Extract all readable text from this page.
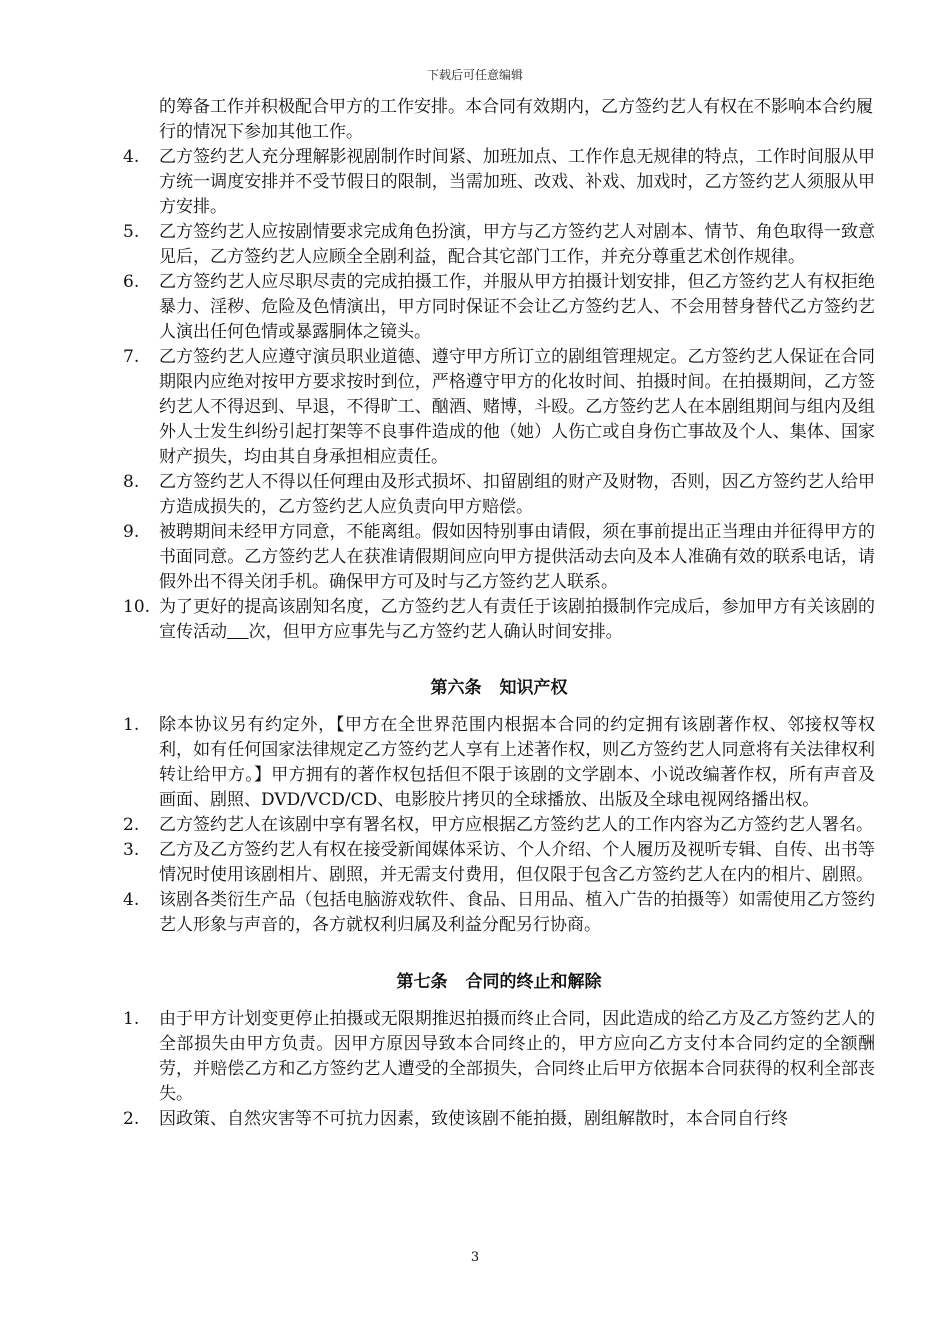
下载后可任意编辑
的筹备工作并积极配合甲方的工作安排。本合同有效期内，乙方签约艺人有权在不影响本合约履行的情况下参加其他工作。
4.	乙方签约艺人充分理解影视剧制作时间紧、加班加点、工作作息无规律的特点，工作时间服从甲方统一调度安排并不受节假日的限制，当需加班、改戏、补戏、加戏时，乙方签约艺人须服从甲方安排。
5.	乙方签约艺人应按剧情要求完成角色扮演，甲方与乙方签约艺人对剧本、情节、角色取得一致意见后，乙方签约艺人应顾全全剧利益，配合其它部门工作，并充分尊重艺术创作规律。
6.	乙方签约艺人应尽职尽责的完成拍摄工作，并服从甲方拍摄计划安排，但乙方签约艺人有权拒绝暴力、淫秽、危险及色情演出，甲方同时保证不会让乙方签约艺人、不会用替身替代乙方签约艺人演出任何色情或暴露胴体之镜头。
7.	乙方签约艺人应遵守演员职业道德、遵守甲方所订立的剧组管理规定。乙方签约艺人保证在合同期限内应绝对按甲方要求按时到位，严格遵守甲方的化妆时间、拍摄时间。在拍摄期间，乙方签约艺人不得迟到、早退，不得旷工、酗酒、赌博，斗殴。乙方签约艺人在本剧组期间与组内及组外人士发生纠纷引起打架等不良事件造成的他（她）人伤亡或自身伤亡事故及个人、集体、国家财产损失，均由其自身承担相应责任。
8.	乙方签约艺人不得以任何理由及形式损坏、扣留剧组的财产及财物，否则，因乙方签约艺人给甲方造成损失的，乙方签约艺人应负责向甲方赔偿。
9.	被聘期间未经甲方同意，不能离组。假如因特别事由请假，须在事前提出正当理由并征得甲方的书面同意。乙方签约艺人在获准请假期间应向甲方提供活动去向及本人准确有效的联系电话，请假外出不得关闭手机。确保甲方可及时与乙方签约艺人联系。
10. 为了更好的提高该剧知名度，乙方签约艺人有责任于该剧拍摄制作完成后，参加甲方有关该剧的宣传活动 次，但甲方应事先与乙方签约艺人确认时间安排。
第六条 知识产权
1.	除本协议另有约定外，【甲方在全世界范围内根据本合同的约定拥有该剧著作权、邻接权等权利，如有任何国家法律规定乙方签约艺人享有上述著作权，则乙方签约艺人同意将有关法律权利转让给甲方。】甲方拥有的著作权包括但不限于该剧的文学剧本、小说改编著作权，所有声音及画面、剧照、DVD/VCD/CD、电影胶片拷贝的全球播放、出版及全球电视网络播出权。
2.	乙方签约艺人在该剧中享有署名权，甲方应根据乙方签约艺人的工作内容为乙方签约艺人署名。
3.	乙方及乙方签约艺人有权在接受新闻媒体采访、个人介绍、个人履历及视听专辑、自传、出书等情况时使用该剧相片、剧照，并无需支付费用，但仅限于包含乙方签约艺人在内的相片、剧照。
4.	该剧各类衍生产品（包括电脑游戏软件、食品、日用品、植入广告的拍摄等）如需使用乙方签约艺人形象与声音的，各方就权利归属及利益分配另行协商。
第七条 合同的终止和解除
1.	由于甲方计划变更停止拍摄或无限期推迟拍摄而终止合同，因此造成的给乙方及乙方签约艺人的全部损失由甲方负责。因甲方原因导致本合同终止的，甲方应向乙方支付本合同约定的全额酬劳，并赔偿乙方和乙方签约艺人遭受的全部损失，合同终止后甲方依据本合同获得的权利全部丧失。
2.	因政策、自然灾害等不可抗力因素，致使该剧不能拍摄，剧组解散时，本合同自行终
3
